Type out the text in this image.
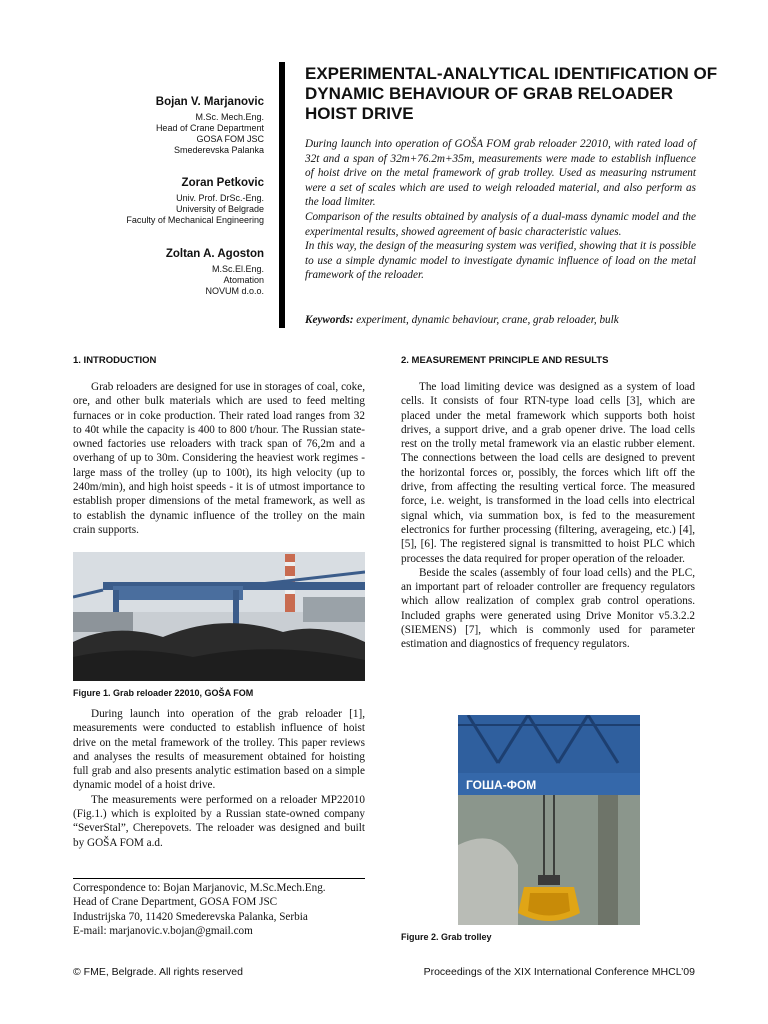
Bojan V. Marjanovic
M.Sc. Mech.Eng.
Head of Crane Department
GOSA FOM JSC
Smederevska Palanka
Zoran Petkovic
Univ. Prof. DrSc.-Eng.
University of Belgrade
Faculty of Mechanical Engineering
Zoltan A. Agoston
M.Sc.El.Eng.
Atomation
NOVUM d.o.o.
EXPERIMENTAL-ANALYTICAL IDENTIFICATION OF DYNAMIC BEHAVIOUR OF GRAB RELOADER HOIST DRIVE

During launch into operation of GOŠA FOM grab reloader 22010, with rated load of 32t and a span of 32m+76.2m+35m, measurements were made to establish influence of hoist drive on the metal framework of grab trolley. Used as measuring nstrument were a set of scales which are used to weigh reloaded material, and also perform as the load limiter.

Comparison of the results obtained by analysis of a dual-mass dynamic model and the experimental results, showed agreement of basic characteristic values.

In this way, the design of the measuring system was verified, showing that it is possible to use a simple dynamic model to investigate dynamic influence of load on the metal framework of the reloader.

Keywords: experiment, dynamic behaviour, crane, grab reloader, bulk
1. INTRODUCTION

Grab reloaders are designed for use in storages of coal, coke, ore, and other bulk materials which are used to feed melting furnaces or in coke production. Their rated load ranges from 32 to 40t while the capacity is 400 to 800 t/hour. The Russian state-owned factories use reloaders with track span of 76,2m and a overhang of up to 30m. Considering the heaviest work regimes - large mass of the trolley (up to 100t), its high velocity (up to 240m/min), and high hoist speeds - it is of utmost importance to establish proper dimensions of the metal framework, as well as to establish the dynamic influence of the trolley on the main crain supports.

Figure 1. Grab reloader 22010, GOŠA FOM

During launch into operation of the grab reloader [1], measurements were conducted to establish influence of hoist drive on the metal framework of the trolley. This paper reviews and analyses the results of measurement obtained for hoisting full grab and also presents analytic estimation based on a simple dynamic model of a hoist drive.

The measurements were performed on a reloader MP22010 (Fig.1.) which is exploited by a Russian state-owned company “SeverStal”, Cherepovets. The reloader was designed and built by GOŠA FOM a.d.

Correspondence to: Bojan Marjanovic, M.Sc.Mech.Eng.
Head of Crane Department, GOSA FOM JSC
Industrijska 70, 11420 Smederevska Palanka, Serbia
E-mail: marjanovic.v.bojan@gmail.com
2. MEASUREMENT PRINCIPLE AND RESULTS

The load limiting device was designed as a system of load cells. It consists of four RTN-type load cells [3], which are placed under the metal framework which supports both hoist drives, a support drive, and a grab opener drive. The load cells rest on the trolly metal framework via an elastic rubber element. The connections between the load cells are designed to prevent the horizontal forces or, possibly, the forces which lift off the drive, from affecting the resulting vertical force. The measured force, i.e. weight, is transformed in the load cells into electrical signal which, via summation box, is fed to the measurement electronics for further processing (filtering, averageing, etc.) [4], [5], [6]. The registered signal is transmitted to hoist PLC which processes the data required for proper operation of the reloader.

Beside the scales (assembly of four load cells) and the PLC, an important part of reloader controller are frequency regulators which allow realization of complex grab control operations. Included graphs were generated using Drive Monitor v5.3.2.2 (SIEMENS) [7], which is commonly used for parameter estimation and diagnostics of frequency regulators.

ГОША-ФОМ
Figure 2. Grab trolley
© FME, Belgrade. All rights reserved	Proceedings of the XIX International Conference MHCL’09
